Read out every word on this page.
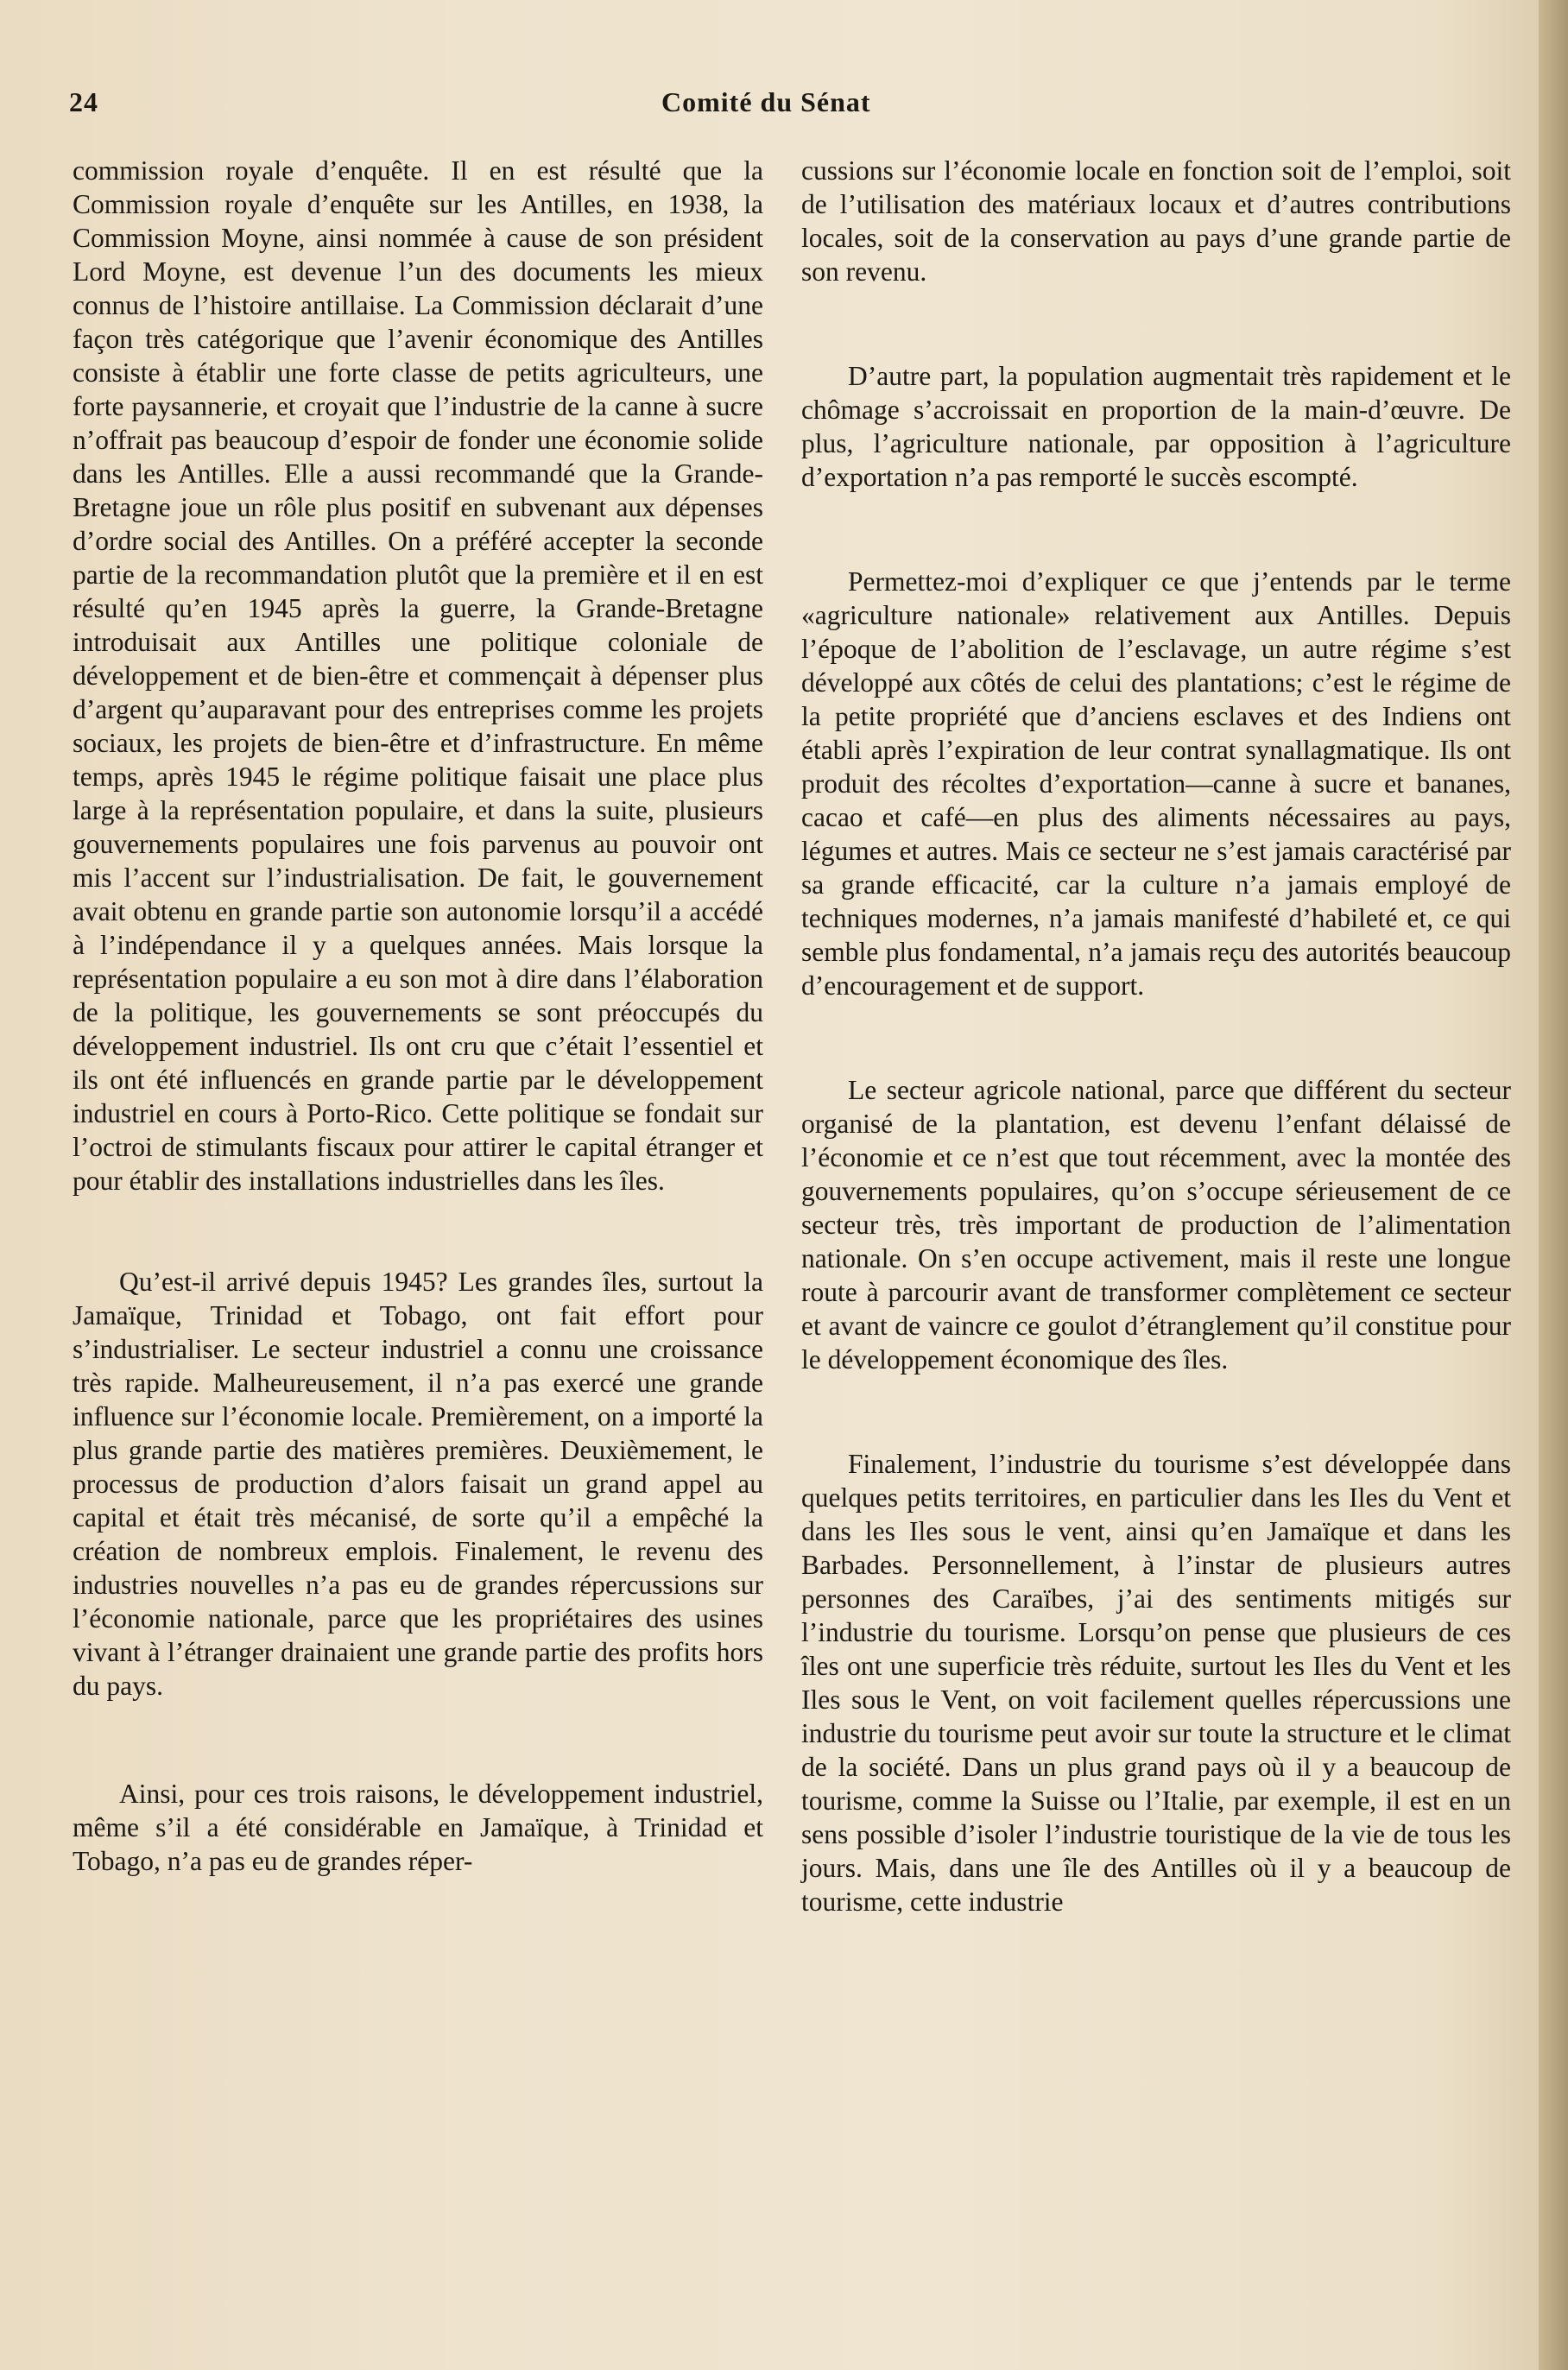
24	Comité du Sénat

commission royale d’enquête. Il en est résulté que la Commission royale d’enquête sur les Antilles, en 1938, la Commission Moyne, ainsi nommée à cause de son président Lord Moyne, est devenue l’un des documents les mieux connus de l’histoire antillaise. La Commission déclarait d’une façon très catégorique que l’avenir économique des Antilles consiste à établir une forte classe de petits agriculteurs, une forte paysannerie, et croyait que l’industrie de la canne à sucre n’offrait pas beaucoup d’espoir de fonder une économie solide dans les Antilles. Elle a aussi recommandé que la Grande-Bretagne joue un rôle plus positif en subvenant aux dépenses d’ordre social des Antilles. On a préféré accepter la seconde partie de la recommandation plutôt que la première et il en est résulté qu’en 1945 après la guerre, la Grande-Bretagne introduisait aux Antilles une politique coloniale de développement et de bien-être et commençait à dépenser plus d’argent qu’auparavant pour des entreprises comme les projets sociaux, les projets de bien-être et d’infrastructure. En même temps, après 1945 le régime politique faisait une place plus large à la représentation populaire, et dans la suite, plusieurs gouvernements populaires une fois parvenus au pouvoir ont mis l’accent sur l’industrialisation. De fait, le gouvernement avait obtenu en grande partie son autonomie lorsqu’il a accédé à l’indépendance il y a quelques années. Mais lorsque la représentation populaire a eu son mot à dire dans l’élaboration de la politique, les gouvernements se sont préoccupés du développement industriel. Ils ont cru que c’était l’essentiel et ils ont été influencés en grande partie par le développement industriel en cours à Porto-Rico. Cette politique se fondait sur l’octroi de stimulants fiscaux pour attirer le capital étranger et pour établir des installations industrielles dans les îles.

Qu’est-il arrivé depuis 1945? Les grandes îles, surtout la Jamaïque, Trinidad et Tobago, ont fait effort pour s’industrialiser. Le secteur industriel a connu une croissance très rapide. Malheureusement, il n’a pas exercé une grande influence sur l’économie locale. Premièrement, on a importé la plus grande partie des matières premières. Deuxièmement, le processus de production d’alors faisait un grand appel au capital et était très mécanisé, de sorte qu’il a empêché la création de nombreux emplois. Finalement, le revenu des industries nouvelles n’a pas eu de grandes répercussions sur l’économie nationale, parce que les propriétaires des usines vivant à l’étranger drainaient une grande partie des profits hors du pays.

Ainsi, pour ces trois raisons, le développement industriel, même s’il a été considérable en Jamaïque, à Trinidad et Tobago, n’a pas eu de grandes réper-

cussions sur l’économie locale en fonction soit de l’emploi, soit de l’utilisation des matériaux locaux et d’autres contributions locales, soit de la conservation au pays d’une grande partie de son revenu.

D’autre part, la population augmentait très rapidement et le chômage s’accroissait en proportion de la main-d’œuvre. De plus, l’agriculture nationale, par opposition à l’agriculture d’exportation n’a pas remporté le succès escompté.

Permettez-moi d’expliquer ce que j’entends par le terme «agriculture nationale» relativement aux Antilles. Depuis l’époque de l’abolition de l’esclavage, un autre régime s’est développé aux côtés de celui des plantations; c’est le régime de la petite propriété que d’anciens esclaves et des Indiens ont établi après l’expiration de leur contrat synallagmatique. Ils ont produit des récoltes d’exportation—canne à sucre et bananes, cacao et café—en plus des aliments nécessaires au pays, légumes et autres. Mais ce secteur ne s’est jamais caractérisé par sa grande efficacité, car la culture n’a jamais employé de techniques modernes, n’a jamais manifesté d’habileté et, ce qui semble plus fondamental, n’a jamais reçu des autorités beaucoup d’encouragement et de support.

Le secteur agricole national, parce que différent du secteur organisé de la plantation, est devenu l’enfant délaissé de l’économie et ce n’est que tout récemment, avec la montée des gouvernements populaires, qu’on s’occupe sérieusement de ce secteur très, très important de production de l’alimentation nationale. On s’en occupe activement, mais il reste une longue route à parcourir avant de transformer complètement ce secteur et avant de vaincre ce goulot d’étranglement qu’il constitue pour le développement économique des îles.

Finalement, l’industrie du tourisme s’est développée dans quelques petits territoires, en particulier dans les Iles du Vent et dans les Iles sous le vent, ainsi qu’en Jamaïque et dans les Barbades. Personnellement, à l’instar de plusieurs autres personnes des Caraïbes, j’ai des sentiments mitigés sur l’industrie du tourisme. Lorsqu’on pense que plusieurs de ces îles ont une superficie très réduite, surtout les Iles du Vent et les Iles sous le Vent, on voit facilement quelles répercussions une industrie du tourisme peut avoir sur toute la structure et le climat de la société. Dans un plus grand pays où il y a beaucoup de tourisme, comme la Suisse ou l’Italie, par exemple, il est en un sens possible d’isoler l’industrie touristique de la vie de tous les jours. Mais, dans une île des Antilles où il y a beaucoup de tourisme, cette industrie
